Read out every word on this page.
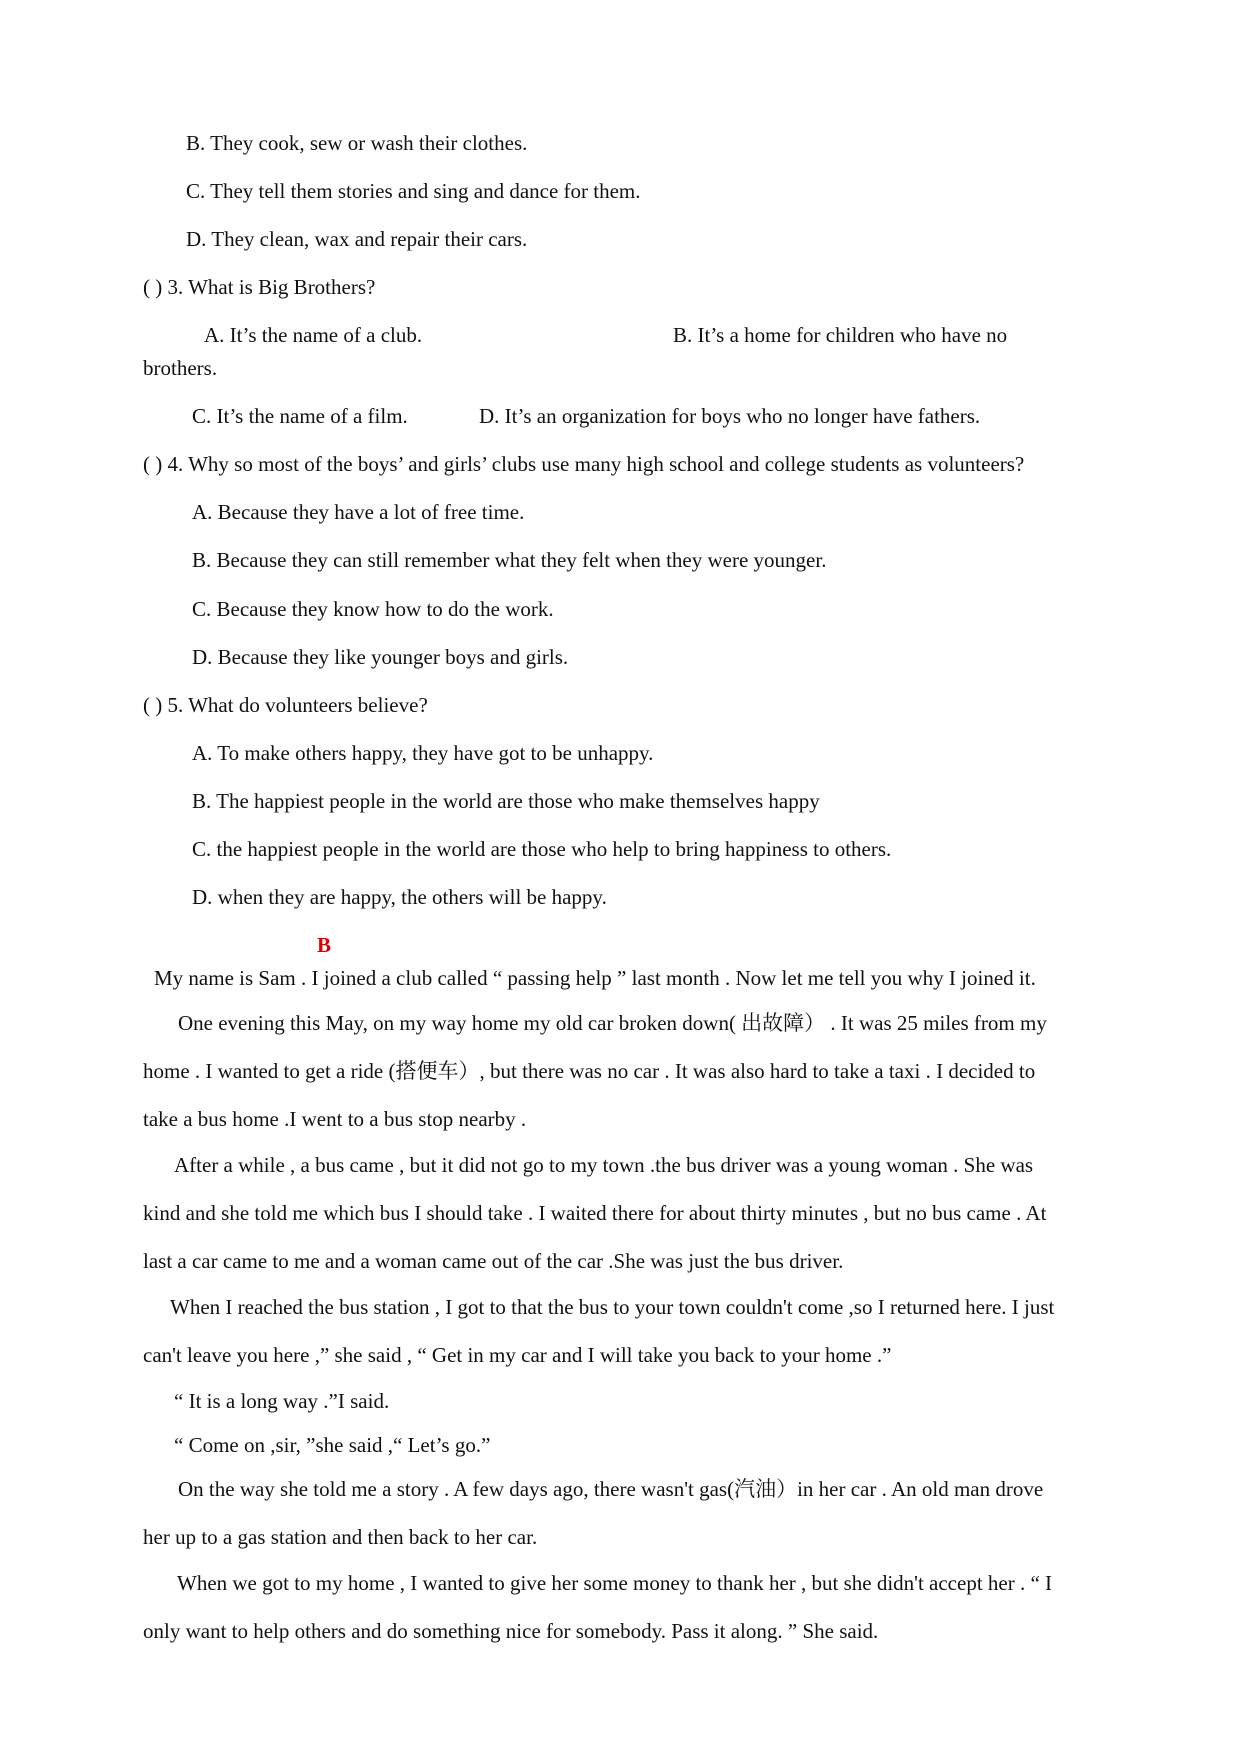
B. They cook, sew or wash their clothes.
C. They tell them stories and sing and dance for them.
D. They clean, wax and repair their cars.
( ) 3. What is Big Brothers?
A. It’s the name of a club.	B. It’s a home for children who have no
brothers.
C. It’s the name of a film.	D. It’s an organization for boys who no longer have fathers.
( ) 4. Why so most of the boys’ and girls’ clubs use many high school and college students as volunteers?
A. Because they have a lot of free time.
B. Because they can still remember what they felt when they were younger.
C. Because they know how to do the work.
D. Because they like younger boys and girls.
( ) 5. What do volunteers believe?
A. To make others happy, they have got to be unhappy.
B. The happiest people in the world are those who make themselves happy
C. the happiest people in the world are those who help to bring happiness to others.
D. when they are happy, the others will be happy.
B
My name is Sam . I joined a club called “ passing help ” last month . Now let me tell you why I joined it.
One evening this May, on my way home my old car broken down( 出故障） . It was 25 miles from my
home . I wanted to get a ride (搭便车）, but there was no car . It was also hard to take a taxi . I decided to
take a bus home .I went to a bus stop nearby .
After a while , a bus came , but it did not go to my town .the bus driver was a young woman . She was
kind and she told me which bus I should take . I waited there for about thirty minutes , but no bus came . At
last a car came to me and a woman came out of the car .She was just the bus driver.
When I reached the bus station , I got to that the bus to your town couldn't come ,so I returned here. I just
can't leave you here ,” she said , “ Get in my car and I will take you back to your home .”
“ It is a long way .”I said.
“ Come on ,sir, ”she said ,“ Let’s go.”
On the way she told me a story . A few days ago, there wasn't gas(汽油）in her car . An old man drove
her up to a gas station and then back to her car.
When we got to my home , I wanted to give her some money to thank her , but she didn't accept her . “ I
only want to help others and do something nice for somebody. Pass it along. ” She said.
